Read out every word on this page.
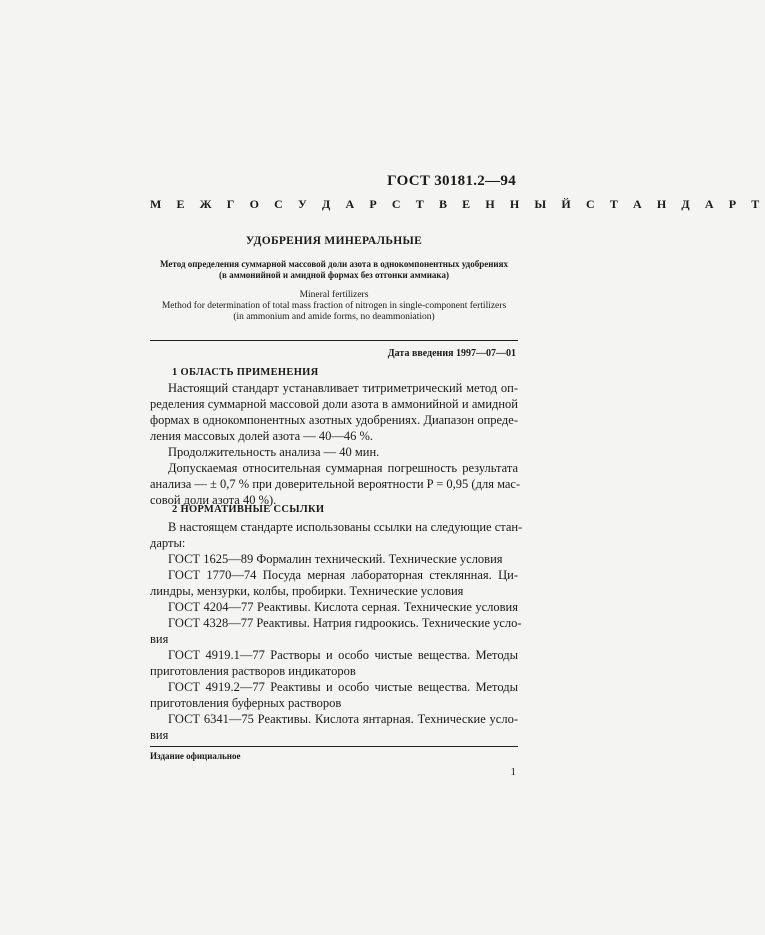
ГОСТ 30181.2—94
М Е Ж Г О С У Д А Р С Т В Е Н Н Ы Й С Т А Н Д А Р Т
УДОБРЕНИЯ МИНЕРАЛЬНЫЕ
Метод определения суммарной массовой доли азота в однокомпонентных удобрениях
(в аммонийной и амидной формах без отгонки аммиака)
Mineral fertilizers
Method for determination of total mass fraction of nitrogen in single-component fertilizers
(in ammonium and amide forms, no deammoniation)
Дата введения 1997—07—01
1 ОБЛАСТЬ ПРИМЕНЕНИЯ
Настоящий стандарт устанавливает титриметрический метод оп-
ределения суммарной массовой доли азота в аммонийной и амидной
формах в однокомпонентных азотных удобрениях. Диапазон опреде-
ления массовых долей азота — 40—46 %.
Продолжительность анализа — 40 мин.
Допускаемая относительная суммарная погрешность результата
анализа — ± 0,7 % при доверительной вероятности P = 0,95 (для мас-
совой доли азота 40 %).
2 НОРМАТИВНЫЕ ССЫЛКИ
В настоящем стандарте использованы ссылки на следующие стан-
дарты:
ГОСТ 1625—89 Формалин технический. Технические условия
ГОСТ 1770—74 Посуда мерная лабораторная стеклянная. Ци-
линдры, мензурки, колбы, пробирки. Технические условия
ГОСТ 4204—77 Реактивы. Кислота серная. Технические условия
ГОСТ 4328—77 Реактивы. Натрия гидроокись. Технические усло-
вия
ГОСТ 4919.1—77 Растворы и особо чистые вещества. Методы
приготовления растворов индикаторов
ГОСТ 4919.2—77 Реактивы и особо чистые вещества. Методы
приготовления буферных растворов
ГОСТ 6341—75 Реактивы. Кислота янтарная. Технические усло-
вия
Издание официальное
1
